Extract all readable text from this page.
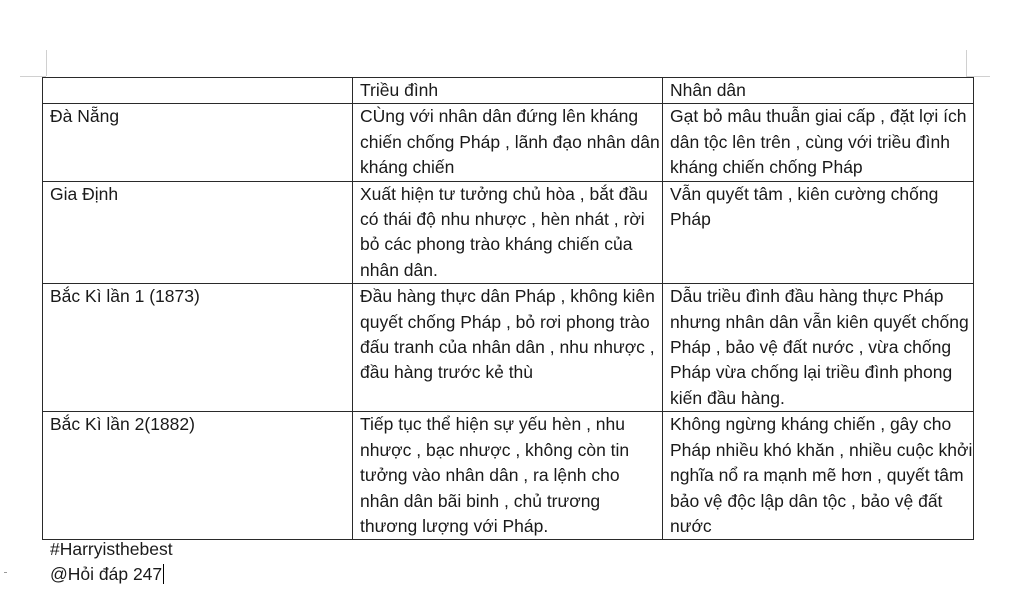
	Triều đình	Nhân dân

Đà Nẵng	CÙng với nhân dân đứng lên kháng chiến chống Pháp , lãnh đạo nhân dân kháng chiến	Gạt bỏ mâu thuẫn giai cấp , đặt lợi ích dân tộc lên trên , cùng với triều đình kháng chiến chống Pháp

Gia Định	Xuất hiện tư tưởng chủ hòa , bắt đầu có thái độ nhu nhược , hèn nhát , rời bỏ các phong trào kháng chiến của nhân dân.	Vẫn quyết tâm , kiên cường chống Pháp

Bắc Kì lần 1 (1873)	Đầu hàng thực dân Pháp , không kiên quyết chống Pháp , bỏ rơi phong trào đấu tranh của nhân dân , nhu nhược , đầu hàng trước kẻ thù	Dẫu triều đình đầu hàng thực Pháp nhưng nhân dân vẫn kiên quyết chống Pháp , bảo vệ đất nước , vừa chống Pháp vừa chống lại triều đình phong kiến đầu hàng.

Bắc Kì lần 2(1882)	Tiếp tục thể hiện sự yếu hèn , nhu nhược , bạc nhược , không còn tin tưởng vào nhân dân , ra lệnh cho nhân dân bãi binh , chủ trương thương lượng với Pháp.	Không ngừng kháng chiến , gây cho Pháp nhiều khó khăn , nhiều cuộc khởi nghĩa nổ ra mạnh mẽ hơn , quyết tâm bảo vệ độc lập dân tộc , bảo vệ đất nước
#Harryisthebest
@Hỏi đáp 247
